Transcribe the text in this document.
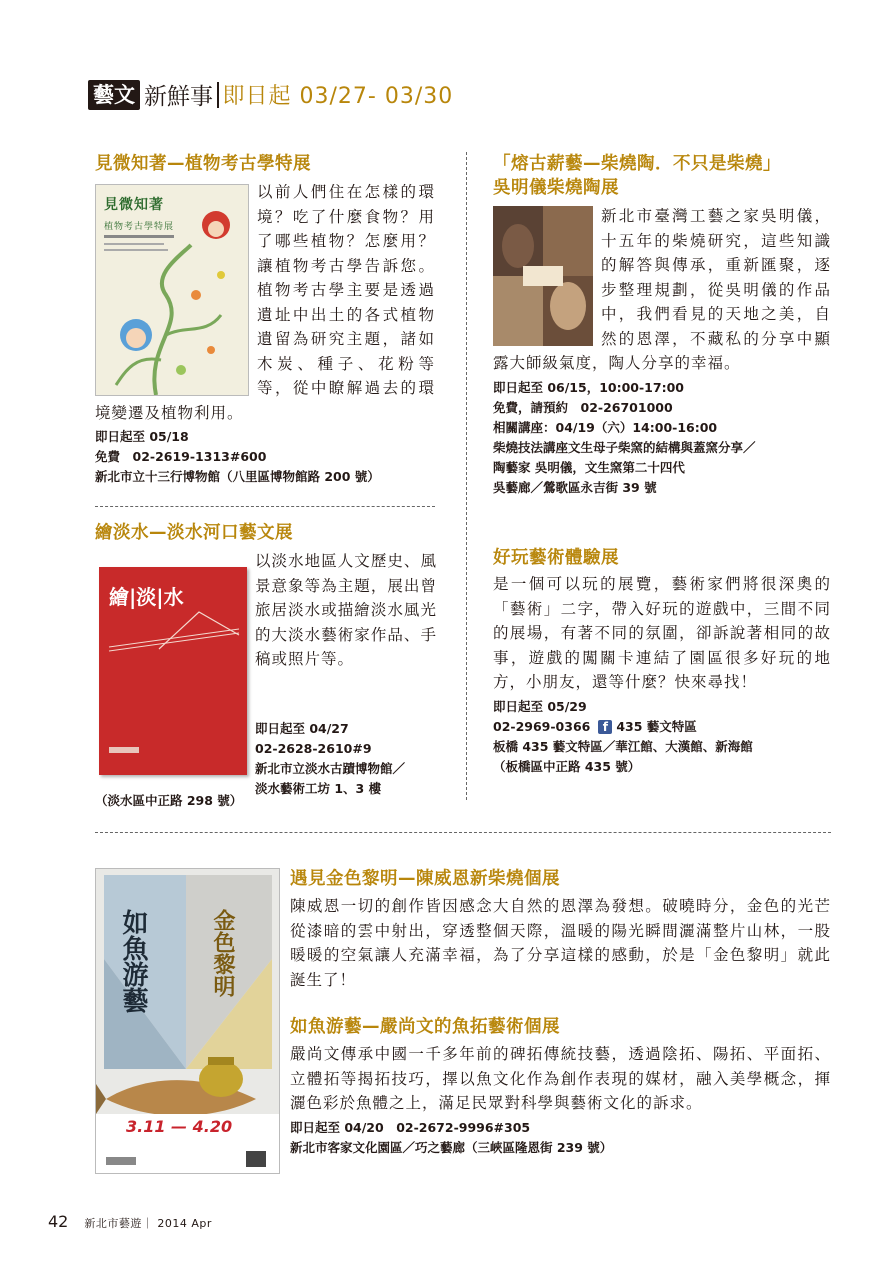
藝文 新鮮事 即日起 03/27- 03/30
見微知著—植物考古學特展
見微知著
植物考古學特展
以前人們住在怎樣的環境？吃了什麼食物？用了哪些植物？怎麼用？讓植物考古學告訴您。植物考古學主要是透過遺址中出土的各式植物遺留為研究主題，諸如木炭、種子、花粉等等，從中瞭解過去的環境變遷及植物利用。
即日起至 05/18
免費　02-2619-1313#600
新北市立十三行博物館（八里區博物館路 200 號）
繪淡水—淡水河口藝文展
繪|淡|水
以淡水地區人文歷史、風景意象等為主題，展出曾旅居淡水或描繪淡水風光的大淡水藝術家作品、手稿或照片等。
即日起至 04/27
02-2628-2610#9
新北市立淡水古蹟博物館／
淡水藝術工坊 1、3 樓
（淡水區中正路 298 號）
「熔古薪藝—柴燒陶．不只是柴燒」
吳明儀柴燒陶展
新北市臺灣工藝之家吳明儀，十五年的柴燒研究，這些知識的解答與傳承，重新匯聚，逐步整理規劃，從吳明儀的作品中，我們看見的天地之美，自然的恩澤，不藏私的分享中顯露大師級氣度，陶人分享的幸福。
即日起至 06/15，10:00-17:00
免費，請預約　02-26701000
相關講座：04/19（六）14:00-16:00
柴燒技法講座文生母子柴窯的結構與蓋窯分享／
陶藝家 吳明儀，文生窯第二十四代
吳藝廊／鶯歌區永吉街 39 號
好玩藝術體驗展
是一個可以玩的展覽，藝術家們將很深奧的「藝術」二字，帶入好玩的遊戲中，三間不同的展場，有著不同的氛圍，卻訴說著相同的故事，遊戲的闖關卡連結了園區很多好玩的地方，小朋友，還等什麼？快來尋找！
即日起至 05/29
02-2969-0366	f 435 藝文特區
板橋 435 藝文特區／華江館、大漢館、新海館
（板橋區中正路 435 號）
如魚游藝	金色黎明
3.11 — 4.20
遇見金色黎明—陳威恩新柴燒個展
陳威恩一切的創作皆因感念大自然的恩澤為發想。破曉時分，金色的光芒從漆暗的雲中射出，穿透整個天際，溫暖的陽光瞬間灑滿整片山林，一股暖暖的空氣讓人充滿幸福，為了分享這樣的感動，於是「金色黎明」就此誕生了！
如魚游藝—嚴尚文的魚拓藝術個展
嚴尚文傳承中國一千多年前的碑拓傳統技藝，透過陰拓、陽拓、平面拓、立體拓等揭拓技巧，擇以魚文化作為創作表現的媒材，融入美學概念，揮灑色彩於魚體之上，滿足民眾對科學與藝術文化的訴求。
即日起至 04/20　02-2672-9996#305
新北市客家文化園區／巧之藝廊（三峽區隆恩街 239 號）
42 新北市藝遊｜ 2014 Apr
